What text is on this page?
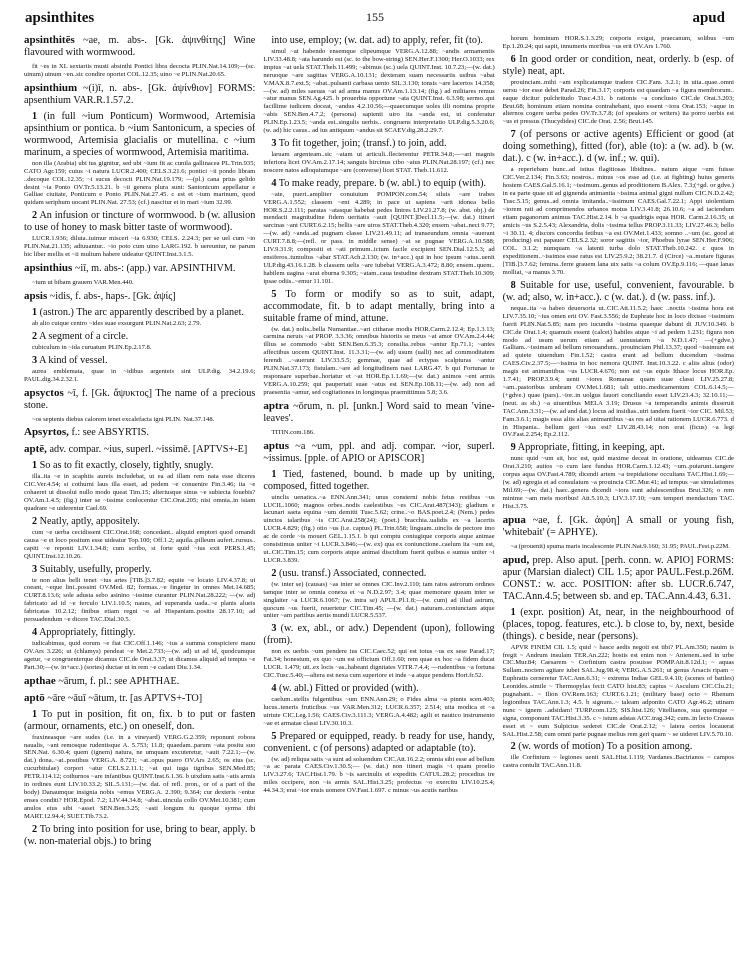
apsinthites	155	apud
apsinthitēs ~ae, m. abs-. [Gk. ἀψινθίτης] Wine flavoured with wormwood.
fit ~es in XL sextariis musti absinthi Pontici libra decocta PLIN.Nat.14.109;—(sc. uinum) uinum ~en..sic condire oportet COL.12.35; uino ~e PLIN.Nat.20.65.
apsinthium ~(i)ī, n. abs-. [Gk. ἀψίνθιον] FORMS: apsenthium VAR.R.1.57.2.
1 (in full ~ium Ponticum) Wormwood, Artemisia apsinthium or pontica. b ~ium Santonicum, a species of wormwood, Artemisia glacialis or mutellina. c ~ium marinum, a species of wormwood, Artemisia maritima.
non illa (Arabia) ubi tus gignitur, sed ubi ~ium fit ac cunila gallinacea PL.Trin.935; CATO Agr.159; cuius ~i natura LUCR.2.400; CELS.3.21.6; pontici ~ii pondo libram ..decoque COL.12.35; ~i sucus decocti PLIN.Nat.19.179; —(pl.) cana prius gelido desint ~ia Ponto OV.Tr.5.13.21. b ~ii genera plura sunt: Santonicum appellatur e Galliae ciuitate, Ponticum e Ponto PLIN.Nat.27.45. c est et ~ium marinum, quod quidam seriphum uocant PLIN.Nat. 27.53; (cf.) nascitur et in mari ~ium 32.99.
2 An infusion or tincture of wormwood. b (w. allusion to use of honey to mask bitter taste of wormwood).
LUCR.1.936; diluta..tuimur misceri ~ia 6.930; CELS. 2.24.3; per se uel cum ~io PLIN.Nat.21.135; adiuuantur.. ~io poto cum uino LARG.192. b uereuntur, ne parum hic liber mellis et ~ii multum habere uideatur QUINT.Inst.3.1.5.
apsinthius ~iī, m. abs-: (app.) var. APSINTHIVM.
~ium ut bibam grauem VAR.Men.440.
apsis ~idis, f. abs-, haps-. [Gk. ἁψίς]
1 (astron.) The arc apparently described by a planet.
ab alio cuique centro ~ides suae exsurgunt PLIN.Nat.2.63; 2.79.
2 A segment of a circle.
cubiculum in ~ida curuatum PLIN.Ep.2.17.8.
3 A kind of vessel.
aurea emblemata, quae in ~idibus argenteis sint ULP.dig. 34.2.19.6; PAUL.dig.34.2.32.1.
apsyctos ~ī, f. [Gk. ἄψυκτος] The name of a precious stone.
~os septenis diebus calorem tenet excalefacta igni PLIN. Nat.37.148.
Apsyrtos, f.: see ABSYRTIS.
aptē, adv. compar. ~ius, superl. ~issimē. [APTVS+-E]
1 So as to fit exactly, closely, tightly, snugly.
illa..ita ~e in scaphiis aureis includebat, ut ea ad illam rem nata esse diceres CIC.Ver.4.54; si cothurni laus illa esset, ad pedem ~e conuenire Fin.3.46; ita ~e cohaeret ut dissolui nullo modo queat Tim.15; alteriusque sinus ~e subiecta fouebis? OV.Am.1.4.5; (fig.) inter se ~issime conlocentur CIC.Orat.205; nisi omnia..in istam quadrare ~e uiderentur Cael.69.
2 Neatly, aptly, appositely.
cum ~e uerba cecidissent CIC.Orat.168; concedant.. aliquid emptori quod ornandi causa ~e et loco positum esse uideatur Top.100; Off.1.2; aquila..pilleum aufert..rursus.. capiti ~e reponit LIV.1.34.8; cum scribo, si forte quid ~ius exit PERS.1.45; QUINT.Inst.12.10.26.
3 Suitably, usefully, properly.
te non alius belli tenet ~ius artes [TIB.]3.7.82; equite ~e locato LIV.4.37.8; ut coeant, ~eque lini..possint OV.Med. 82; formas..~e fingetur in omnes Met.14.685; CURT.8.13.6; sole adusta sebo asinino ~issime curantur PLIN.Nat.28.222; —(w. ad) fabricato ad id ~e ferculo LIV.1.10.5; naues, ad superanda uada..~e planis alueis fabricatas 10.2.12; finibus etiam regni ~e ad Hispaniam..positis 28.17.10; ad persuadendum ~e dicere TAC.Dial.30.5.
4 Appropriately, fittingly.
iudicabimus, quid eorum ~e fiat CIC.Off.1.146; ~ius a summa conspiciere manu OV.Ars 3.226; ut (chlamys) pendeat ~e Met.2.733;—(w. ad) ut ad id, quodcumque agetur, ~e congruenterque dicamus CIC.de Orat.3.37; ut dicamus aliquid ad tempus ~e Part.30;—(w. in+acc.) (sortes) ductae ut in rem ~e cadant Diu.1.34.
apthae ~ārum, f. pl.: see APHTHAE.
aptō ~āre ~āuī ~ātum, tr. [as APTVS+-TO]
1 To put in position, fit on, fix. b to put or fasten (armour, ornaments, etc.) on oneself, don.
fraxineasque ~are sudes (i.e. in a vineyard) VERG.G.2.359; reponunt robora naualis, ~ant remosque rudentisque A. 5.753; 11.8; quaedam..parum ~ata positu suo SEN.Nat. 6.30.4; quem (ignem) natura, ne umquam excuteretur, ~auit 7.22.1;—(w. dat.) dona..~at..postibus VERG.A. 8.721; ~at..opus puero OV.Ars 2.65; os eius (sc. cucurbitulae) corpori ~atur CELS.2.11.1; ~at qui iuga tigribus SEN.Med.85; PETR.114.12; cothurnos ~are infantibus QUINT.Inst.6.1.36. b uixdum satis ~atis armis in ordines eunt LIV.10.33.2; SIL.5.131;—(w. dat. of refl. pron., or of a part of the body) Danaumque insignia nobis ~emus VERG.A. 2.390; 9.364; cur dexteris ~entur enses conditi? HOR.Epod. 7.2; LIV.44.34.8; ~abat..uincula collo OV.Met.10.381; cum anulos eius sibi ~asset SEN.Ben.3.25; ~asti longum tu quoque syrma tibi MART.12.94.4; SUET.Tib.73.2.
2 To bring into position for use, bring to bear, apply. b (w. non-material objs.) to bring
into use, employ; (w. dat. ad) to apply, refer, fit (to).
simul ~at habendo ensemque clipeumque VERG.A.12.88; ~andis armamentis LIV.33.48.8; ~ata harundo est (sc. to the bow-string) SEN.Her.F.1300; Her.O.1033; rex impius ~at uela STAT.Theb.11.499; ~abimus (sc.) uela QUINT.Inst. 10.7.23;—(w. dat.) neruoque ~are sagittas VERG.A.10.131; dexteram suam necessariis usibus ~abat V.MAX.8.7.ext.5; ~abat..pulsanti carbasa uento SIL.3.130; tonsis ~are lacertos 14.358;—(w. ad) miles saeuas ~at ad arma manus OV.Am.1.13.14; (fig.) ad militares remus ~atur manus SEN.Ag.425. b prouerbia opportune ~ata QUINT.Inst. 6.3.98; sermo..qui facillime iudicem doceat, ~andus 4.2.10.56;—quaecumque uoles illi nomina proprie ~abis SEN.Ben.4.7.2; (persona) sapienti uiro ita ~anda est, ut conferatur PLIN.Ep.1.23.5; ~anda est..singulis uerbis.. congruens interpretatio ULP.dig.5.3.20.6; (w. ad) hic casus.. ad ius antiquum ~andus sit SCAEV.dig.28.2.29.7.
3 To fit together, join; (transf.) to join, add.
laruam argenteam..sic ~atam ut articuli..flecterentur PETR.34.8;—~ari magnis inferiora licet OV.Am.2.17.14; sanguis hircinus cibo ~atus PLIN.Nat.28.197; (cf.) nec noscere natos adloquiumque ~are (converse) licet STAT. Theb.11.612.
4 To make ready, prepare. b (w. abl.) to equip (with).
~ate, pueri..ampliter conuiuium POMPON.com.54; siluis ~are trabes VERG.A.1.552; classem ~ent 4.289; in pace ut sapiens ~arit idonea bello HOR.S.2.2.111; paratas ~atasque habebat pedes lintres LIV.21.27.8; (w. abst. obj.) de mendacii magnitudine fidem ueritatis ~auit [QUINT.]Decl.11.5;—(w. dat.) itineri sarcinas ~ant CURT.6.2.15; bellis ~are uiros STAT.Theb.4.320; ensem ~abat..neci 9.77;—(w. ad) ~anda..ad pugnam classe LIV.21.49.11; ad transeundum omnia ~auerant CURT.7.8.8;—(refl. or pass. in middle sense) ~at se pugnae VERG.A.10.588; LIV.9.31.9; compositi et ~ati primum..ictum facile excipient SEN.Dial.12.5.3; ad ensiferos..tumultus ~abar STAT.Ach.2.130; (w. in+acc.) qui in hoc ipsum ~atus..uenit ULP.dig.43.16.1.28. b classem uelis ~are iubebat VERG.A.3.472; 8.80; ensem..quem.. habilem uagina ~arat eburna 9.305; ~atam..caua testudine dextram STAT.Theb.10.309; ipsae odiis..~emur 11.101.
5 To form or modify so as to suit, adapt, accommodate, fit. b to adapt mentally, bring into a suitable frame of mind, attune.
(w. dat.) nolis..bella Numantiae..~ari citharae modis HOR.Carm.2.12.4; Ep.1.3.13; carmina neruis ~at PROP. 3.3.36; omnibus historiis se meus ~at amor OV.Am.2.4.44; illius se commodo ~abit SEN.Ben.6.35.3; consilia..rebus ~antur Ep.71.1; ~antes affectibus uocem QUINT.Inst. 11.3.31;—(w. ad) usum (ualli) nec ad commoditatem ferendi ..~auerunt LIV.33.5.5; gemmae, quae ad ectypas scalpturas ~antur PLIN.Nat.37.173; fistulam..~are ad longitudinem nasi LARG.47. b qui Fortunae te responsare superbae..hortatur et ~at HOR.Ep.1.1.69;—(w. dat.) animos ~ent armis VERG.A.10.259; qui paupertati suae ~atus est SEN.Ep.108.11;—(w. ad) non ad praesentia ~amur, sed cogitationes in longinqua praemittimus 5.8; 3.6.
aptra ~ōrum, n. pl. [unkn.] Word said to mean 'vine-leaves'.
TITIN.com.186.
aptus ~a ~um, ppl. and adj. compar. ~ior, superl. ~issimus. [pple. of APIO or APISCOR]
1 Tied, fastened, bound. b made up by uniting, composed, fitted together.
uinclis uenatica..~a ENN.Ann.341; unus consterni nobis fetus restibus ~us LUCIL.1060; magnos orbes..nodis caelestibus ~es CIC.Arat.487(343); gladium e lacunari saeta equina ~um demitti Tusc.5.62; crine..~o BAS.poet.2.4; (Nem.) pedes uinctos talaribus ~is CIC.Arat.258(24); (poet.) bracchia..ualidis ex ~a lacertis LUCR.4.829; (fig.) otio ~us (i.e. captus) PL.Trin.658; linguam..uinclis de pectore imo ac de corde ~is moueri GEL.1.15.1. b qui comptu coniugique corporis atque animae consistimus uniter ~i LUCR.3.846;—(w. ex) qua ex coniunctione..caelum ita ~um est, ut..CIC.Tim.15; cum corporis atque animai discidium fuerit quibus e sumus uniter ~i LUCR.3.839.
2 (usu. transf.) Associated, connected.
(w. inter se) (causas) ~as inter se omnes CIC.Inv.2.110; tam ratos astrorum ordines tamque inter se omnia conexa et ~a N.D.2.97; 3.4; quae memorare queam inter se singlaiter ~a LUCR.6.1067; (w. intra se) APUL.Pl.1.8;—(w. cum) ad illud astrum, quocum ~us fuerit, reuertetur CIC.Tim.45; —(w. dat.) naturam..coniunctam atque uniter ~am partibus aeriis mundi LUCR.5.537.
3 (w. ex, abl., or adv.) Dependent (upon), following (from).
non ex uerbis ~um pendere ius CIC.Caec.52; qui est totus ~us ex sese Parad.17; Fat.34; honestum, ex quo ~um est officium Off.1.60; rem quae ex hoc ~a fidem ducat LUCR. 1.479; uti..ex locis ~as..habeant dignitates VITR.7.4.4; —rudentibus ~a fortuna CIC.Tusc.5.40;—altera est nexa cum superiore et inde ~a atque pendens Hort.fr.52.
4 (w. abl.) Fitted or provided (with).
caelum..stellis fulgentibus ~um ENN.Ann.29; o Fides alma ~a pinnis scen.403; lucus..teneris fruticibus ~us VAR.Men.312; LUCR.6.357; 2.514; uita modica et ~a uirtute CIC.Leg.1.56; CAES.Civ.3.111.3; VERG.A.4.482; agili et nautico instrumento ~ae et armatae classi LIV.30.10.3.
5 Prepared or equipped, ready. b ready for use, handy, convenient. c (of persons) adapted or adaptable (to).
(w. ad) reliqua satis ~a sunt ad soluendum CIC.Att.16.2.2; omnia sibi esse ad bellum ~a ac parata CAES.Civ.1.30.5;— (w. dat.) non itineri magis ~i quam proelio LIV.3.27.6; TAC.Hist.1.79. b ~is sarcinulis et expeditis CATUL.28.2; procedius ire miles occipere, non ~is armis SAL.Hist.3.25; profectus ~o exercitu LIV.10.25.4; 44.34.3; erat ~ior ensis uomere OV.Fast.1.697. c minus ~us acutis naribus
horum hominum HOR.S.1.3.29; corporis exigui, praecanum, solibus ~um Ep.1.20.24; qui sapit, innumeris moribus ~us erit OV.Ars 1.760.
6 In good order or condition, neat, orderly. b (esp. of style) neat, apt.
prouinciam..mihi ~am explicatamque tradere CIC.Fam. 3.2.1; in uita..quae..omni uersu ~ior esse debet Parad.26; Fin.3.17; corporis est quaedam ~a figura membrorum.. eaque dicitur pulchritudo Tusc.4.31. b rationis ~a conclusio CIC.de Orat.3.203; Brut.68; hominum etiam nomina contrahebant, quo essent ~iora Orat.153; ~aque in alternos cogere uerba pedes OV.Tr.3.7.8; (of speakers or writers) ita porro uerbis est ~us et pressus (Thucydides) CIC.de Orat. 2.56; Brut.145.
7 (of persons or active agents) Efficient or good (at doing something), fitted (for), able (to): a (w. ad). b (w. dat.). c (w. in+acc.). d (w. inf.; w. qui).
a reperiebam hunc..ad istius flagitiosas libidines.. natum atque ~um fuisse CIC.Ver.2.134; Fin.3.63; nostros.. minus ~os esse ad (i.e. at fighting) huius generis hostem CAES.Gal.5.16.1; ~issimum..genus ad proditionem B.Alex. 7.3;(+gd. or gdve.) in ea parte quae sit ad gignenda animantia ~issima animal gigni nullum CIC.N.D.2.42; Tusc.5.15; genus..ad omnia imitanda..~issimum CAES.Gal.7.22.1; Appi uiolentiam ~iorem rati ad comprimendos urbanos motus LIV.3.41.8; 26.10.6; ~a ad iaciendum etiam paganorum animus TAC.Hist.2.14. b ~a quadrigis equa HOR. Carm.2.16.35; ut amicis ~us S.2.5.43; Alexandria, dolis ~issima tellus PROP.3.11.33; LIV.27.46.3; bello ~i 30.11. 4; discors concordia fetibus ~a est OV.Met.1.433; somno ..~um (sc. good at producing) est papauer CELS.2.32; soror sagittis ~ior, Phoebus lyrae SEN.Her.F.906; COL. 3.1.2; numquam ~a latenti turba dolo STAT.Theb.10.242. c quos in expeditionem..~issimos esse ratus est LIV.25.9.2; 38.21.7. d (Circe) ~a..mutare figuras [TIB.]3.7.62; femina..ferre grauem lana uix satis ~a colum OV.Ep.9.116; —quae lanas molliat, ~a manus 3.70.
8 Suitable for use, useful, convenient, favourable. b (w. ad; also, w. in+acc.). c (w. dat.). d (w. pass. inf.).
neque..ita ~a habeo deuersoria ut..CIC.Att.11.5.2; haec ..noctis ~issima hora est LIV.7.35.10; ~ius omen erit OV. Fast.3.556; de Euphrate hoc in loco dixisse ~issimum fuerit PLIN.Nat.5.85; nam pro iucundis ~issima quaeque dabunt di JUV.10.349. b CIC.de Orat.1.4; quamuis essent (calcei) habiles atque ~i ad pedem 1.231; figura non modo ad usum uerum etiam ad uenustatem ~a N.D.1.47; —(+gdve.) Galliam..~issimam ad bellum renouandum.. prouinciam Phil.13.37; quod ~issimum est ad quiete uiuendum Fin.1.52; castra erant ad bellum ducendum ~issima CAES.Civ.2.37.5;—~issima in hoc nemora QUINT. Inst.10.3.22. c aliis alius (odor) magis est animantibus ~us LUCR.4.676; non est ~us equis Ithace locus HOR.Ep. 1.7.41; PROP.3.9.4; uenti ~iores Romanae quam suae classi LIV.25.27.8; ~am..pastoribus umbram OV.Met.1.681; tali uitio..medicamentum COL.6.14.5;—(+gdve.) quae (pars)..~ior..in uolgus fauori conciliando esset LIV.23.4.3; 32.10.11;—(neut. as sb.) ~a uiuentibus MELA 3.19; Drusus ~a temperandis animis disseruit TAC.Ann.3.31;—(w. ad and dat.) locus ad insidias..utri tandem fuerit ~ior CIC. Mil.53; Fam.3.6.1; magis essa aliis alias animantibus ~as res ad uitai rationem LUCR.6.773. d in Hispania.. bellum geri ~ius est? LIV.28.43.14; non erat (ficus) ~a legi OV.Fast.2.254; Ep.2.112.
9 Appropriate, fitting, in keeping, apt.
nunc quid ~um sit, hoc est, quid maxime deceat in oratione, uideamus CIC.de Orat.3.210; auitos ~o cum lare fundus HOR.Carm.1.12.43; ~um..putarunt..tangere corpus aqua OV.Fast.4.789; dicendi artem ~a trepidatione occultans TAC.Hist.1.69;—(w. ad) egregia et ad consulatum ~a prouincia CIC.Mur.41; ad tempus ~ae simulationes Mil.69;—(w. dat.) haec..genera dicendi ~iora sunt adulescentibus Brut.326; o rem minime ~am meis moribus! Att.5.10.3; LIV.3.17.10; ~um temperi mendacium TAC. Hist.3.75.
apua ~ae, f. [Gk. ἀφύη] A small or young fish, 'whitebait' (= APHYE).
~a (prouenit) spuma maris incalescente PLIN.Nat.9.160; 31.95; PAUL.Fest.p.22M.
apud, prep. Also aput. [perh. conn. w. APIO] FORMS: apur (Marsian dialect) CIL 1.5; apor PAUL.Fest.p.26M. CONST.: w. acc. POSITION: after sb. LUCR.6.747, TAC.Ann.4.5; between sb. and ep. TAC.Ann.4.43, 6.31.
1 (expr. position) At, near, in the neighbourhood of (places, topog. features, etc.). b close to, by, next, beside (things). c beside, near (persons).
APVR FINEM CIL 1.5; quid ~ hasce aedis negoti est tibi? PL.Am.350; nauim is fregit ~ Andrum insulam TER.An.222; hostis est enim non ~ Anienem..sed in urbe CIC.Mur.84; Caesarem ~ Corfinium castra posuisse POMP.Att.8.12d.1; ~ aquas Sullam..noctem agitare iubet SAL.Jug.98.4; VERG.A.5.261; ut genus Arsacis ripam ~ Euphratis cerneretur TAC.Ann.6.31; ~ extrema Indiae GEL.9.4.10; (scenes of battles) Leonides..simile ~ Thermopylas fecit CATO hist.83; captus ~ Asculum CIC.Clu.21; pugnabant.. ~ Ilion OV.Rem.163; CURT.6.1.21; (military base) octo ~ Rhenum legionibus TAC.Ann.1.3; 4.5. b signum..~ taleam adponito CATO Agr.46.2; utinam nunc ~ ignem ..adsidam! TURP.com.125; SIS.hist.126; Vitellianos, sua quemque ~ signa, componunt TAC.Hist.3.35. c ~ istum adstas ACC.trag.342; cum..in lecto Crassus esset et ~ eum Sulpicius sederet CIC.de Orat.2.12; ~ latera certos locauerat SAL.Hist.2.58; cum omni parte pugnae melius rem geri quam ~ se uideret LIV.5.70.10.
2 (w. words of motion) To a position among.
ille Corfinium ~ legiones uenit SAL.Hist.1.119; Vardanes..Bactrianos ~ campos castra contulit TAC.Ann.11.8.
